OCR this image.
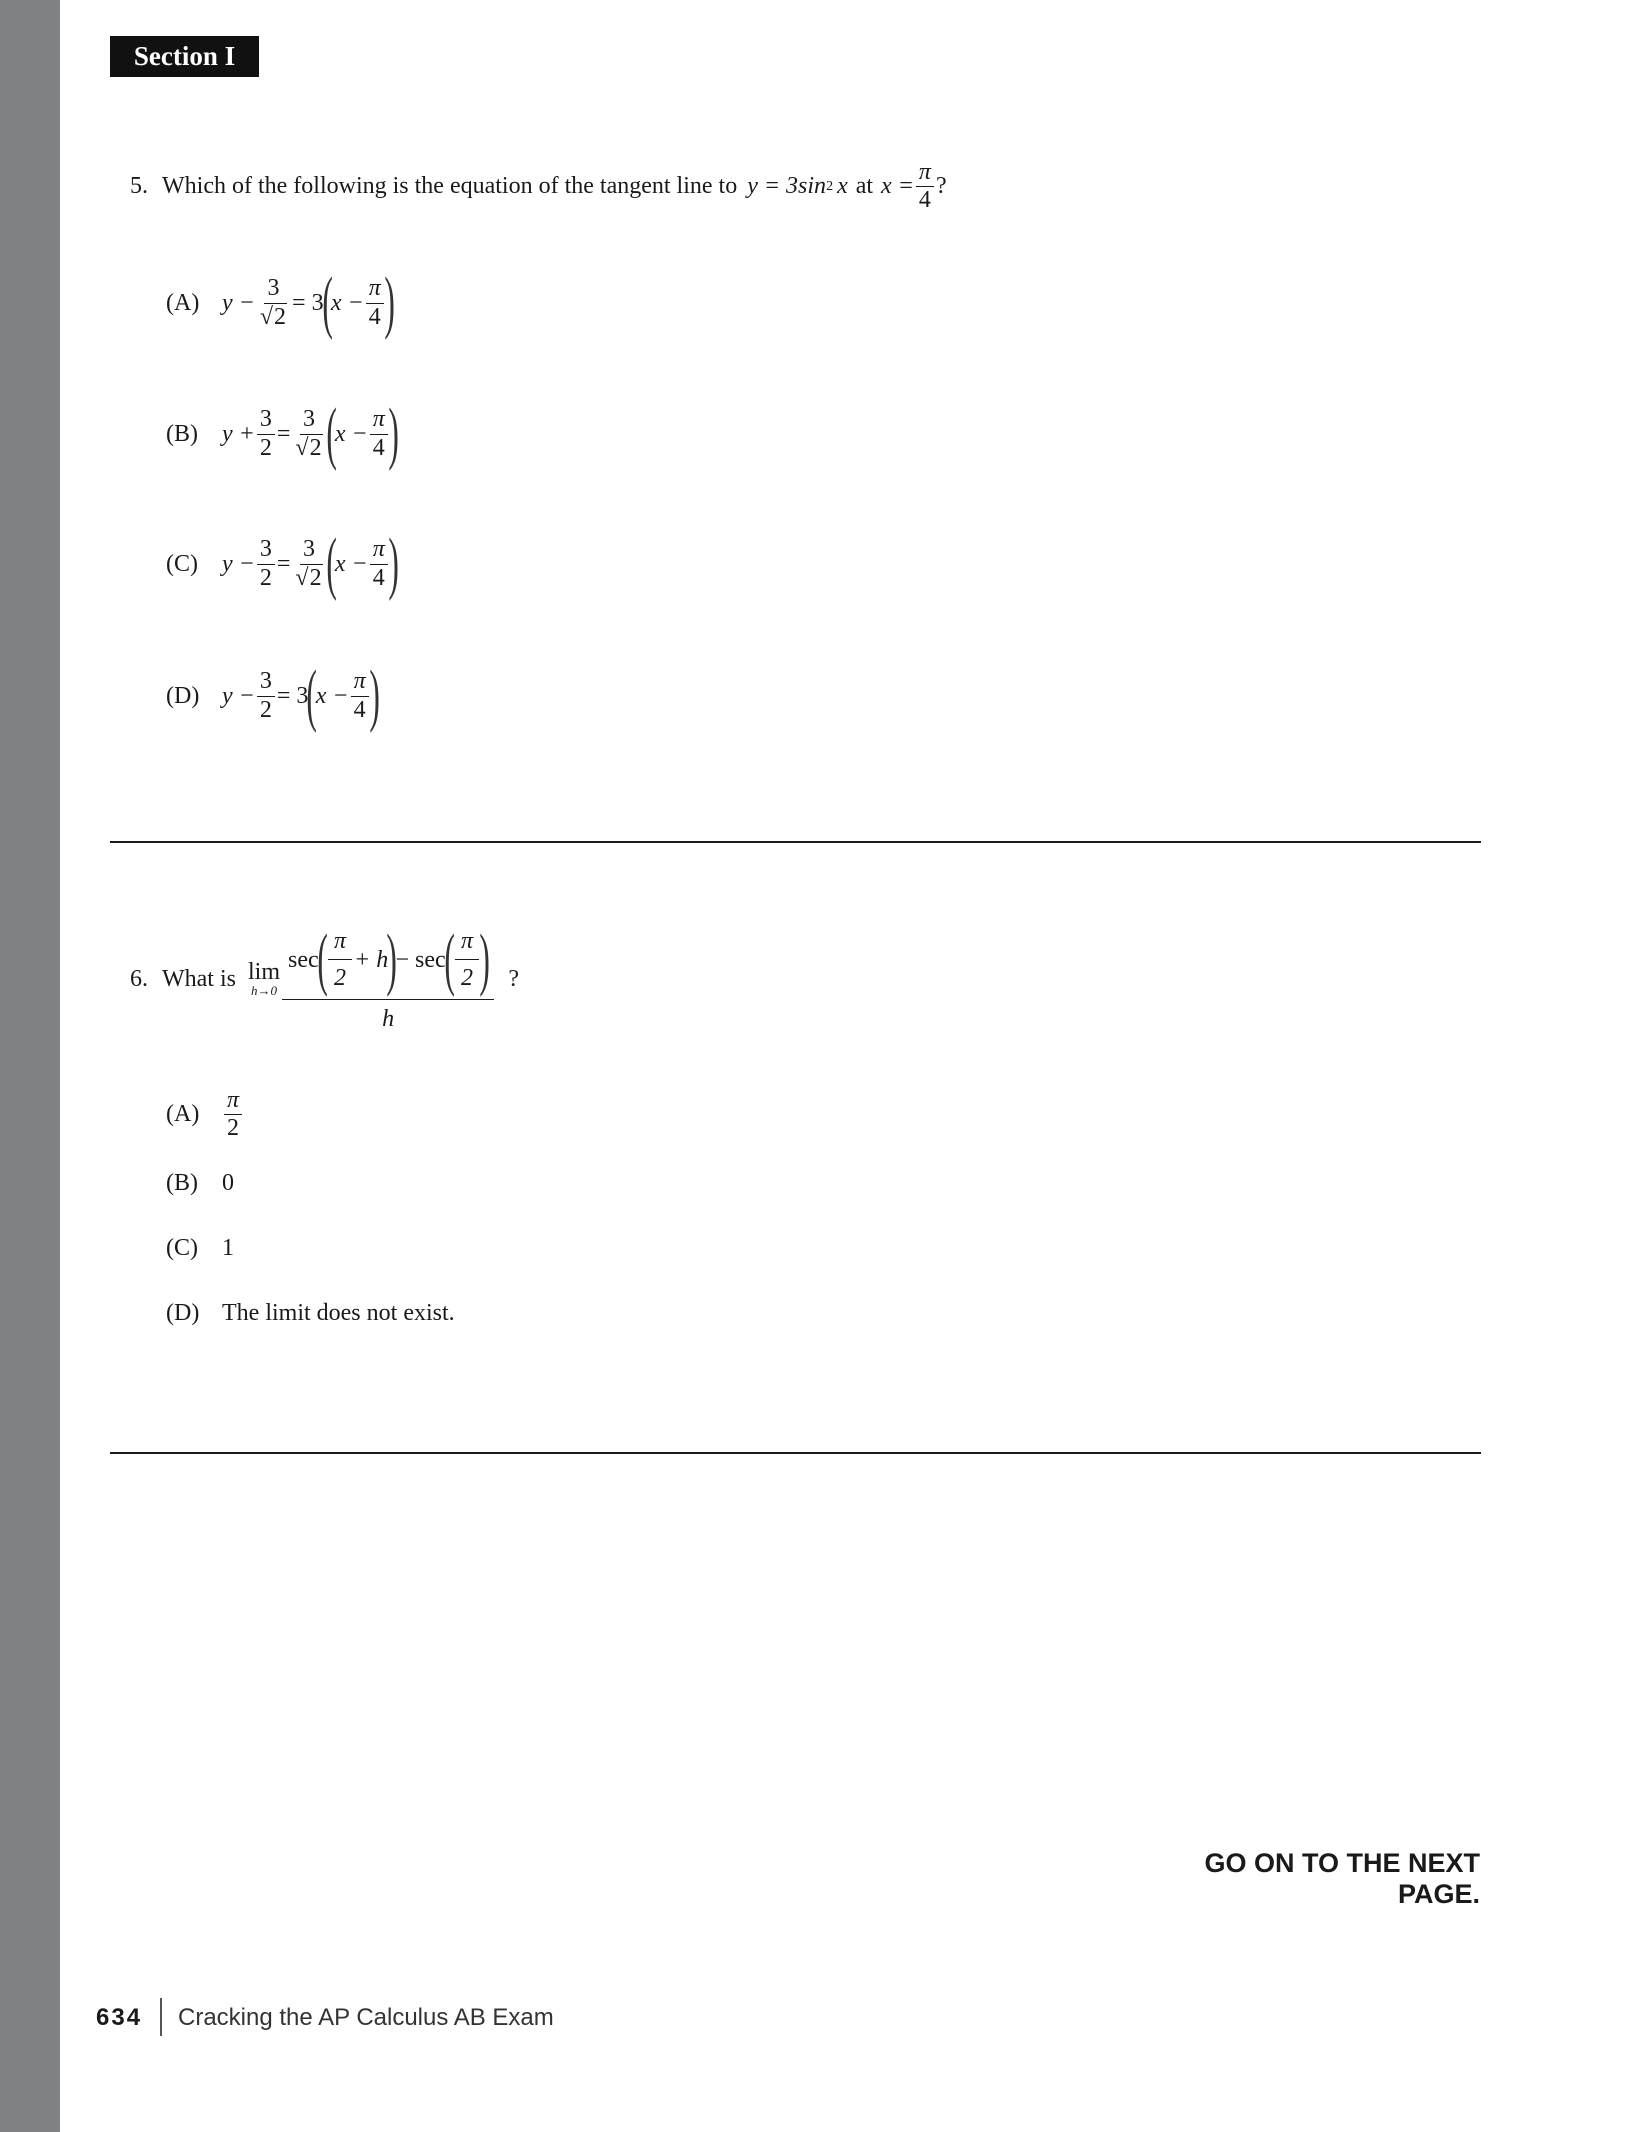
Section I
5. Which of the following is the equation of the tangent line to y = 3sin 2 x at $x = \frac{\pi}{4}$ ?
(A) $y - \frac{3}{√2} = 3$
(
$x - \frac{\pi}{4}$ )
(B)	$y + \frac{3}{2} = \frac{3}{√2}$ (
$x - \frac{\pi}{4}$ )
(C)	$y - \frac{3}{2} = \frac{3}{√2}$ (
$x - \frac{\pi}{4}$ )
(D) $y - \frac{3}{2} = 3$
(
$x - \frac{\pi}{4}$ )
6. What is lim
h→0
sec
( $\frac{\pi}{2} + h$
)
− sec
( $\frac{\pi}{2}$ )
h
?
(A)	$\frac{\pi}{2}$
(B)	0
(C)	1
(D) The limit does not exist.
GO ON TO THE NEXT PAGE.
634 Cracking the AP Calculus AB Exam
